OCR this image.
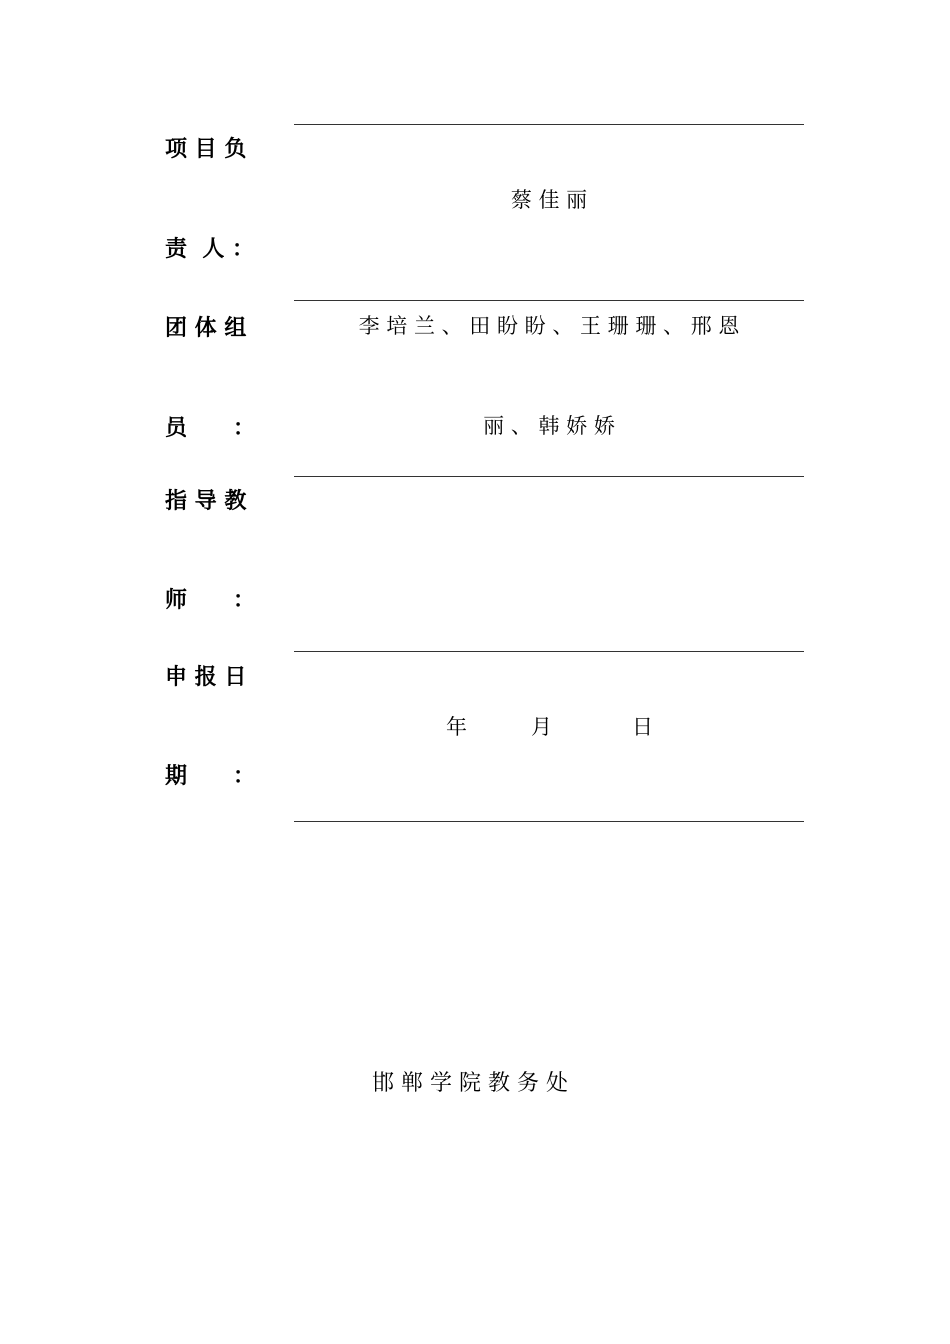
项 目 负
责  人 ：
蔡 佳 丽
团 体 组
员      ：
李 培 兰 、 田 盼 盼 、 王 珊 珊 、 邢 恩
丽 、 韩 娇 娇
指 导 教
师      ：
申 报 日
期      ：
年	月	日
邯 郸 学 院 教 务 处
